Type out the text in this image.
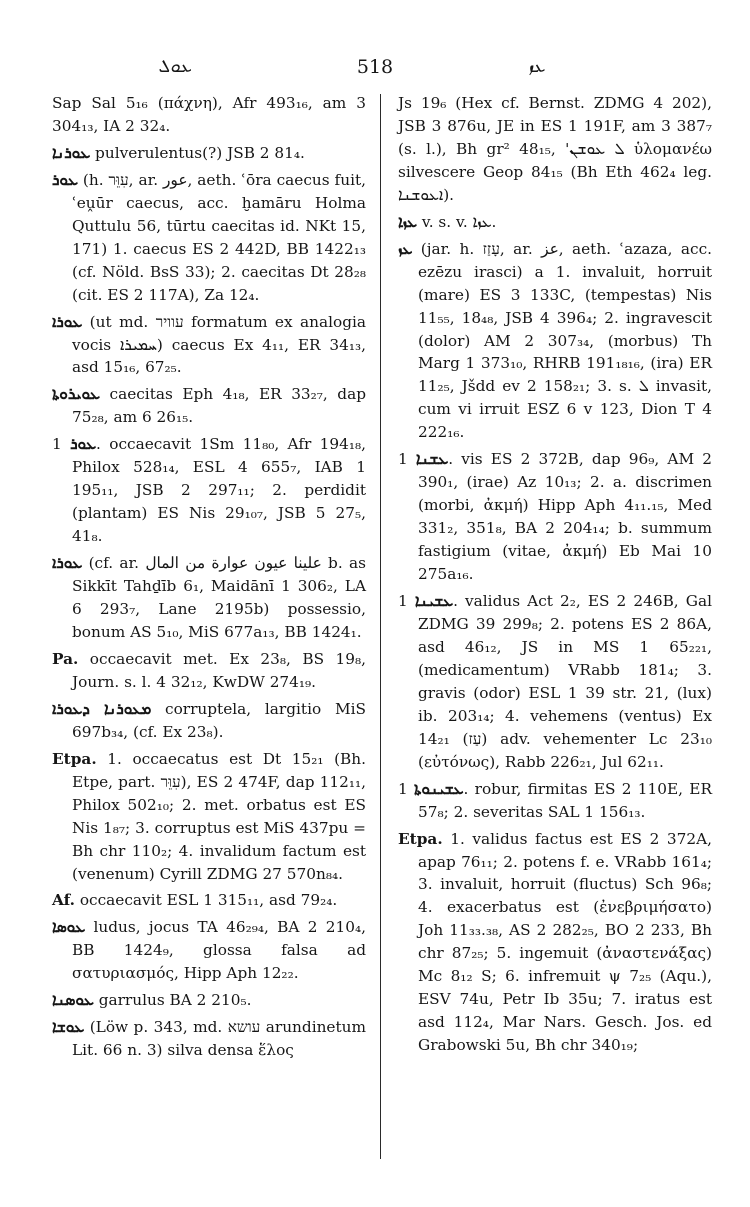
ܥܘܠ	518	ܥܙ

Sap Sal 5₁₆ (πάχνη), Afr 493₁₆, am 3 304₁₃, IA 2 32₄.

ܥܘܪܢܐ pulverulentus(?) JSB 2 81₄.

ܥܘܪ (h. עִוֵּר, ar. عور, aeth. ʿōra caecus fuit, ʿeṷūr caecus, acc. ḫamāru Holma Quttulu 56, tūrtu caecitas id. NKt 15, 171) 1. caecus ES 2 442D, BB 1422₁₃ (cf. Nöld. BsS 33); 2. caecitas Dt 28₂₈ (cit. ES 2 117A), Za 12₄.

ܥܘܪܐ (ut md. עוויר formatum ex analogia vocis ܚܡܝܪܐ) caecus Ex 4₁₁, ER 34₁₃, asd 15₁₆, 67₂₅.

ܥܘܝܪܘܬܐ caecitas Eph 4₁₈, ER 33₂₇, dap 75₂₈, am 6 26₁₅.

ܥܘܪ 1. occaecavit 1Sm 11₈₀, Afr 194₁₈, Philox 528₁₄, ESL 4 655₇, IAB 1 195₁₁, JSB 2 297₁₁; 2. perdidit (plantam) ES Nis 29₁₀₇, JSB 5 27₅, 41₈.

ܥܘܪܐ (cf. ar. علينا عيون عوارة من المال b. as Sikkīt Tahḏīb 6₁, Maidānī 1 306₂, LA 6 293₇, Lane 2195b) possessio, bonum AS 5₁₀, MiS 677a₁₃, BB 1424₁.

Pa. occaecavit met. Ex 23₈, BS 19₈, Journ. s. l. 4 32₁₂, KwDW 274₁₉.

ܡܥܘܪܢܐ ܕܥܘܪܐ corruptela, largitio MiS 697b₃₄, (cf. Ex 23₈).

Etpa. 1. occaecatus est Dt 15₂₁ (Bh. Etpe, part. עִוֵּר), ES 2 474F, dap 112₁₁, Philox 502₁₀; 2. met. orbatus est ES Nis 1₈₇; 3. corruptus est MiS 437pu = Bh chr 110₂; 4. invalidum factum est (venenum) Cyrill ZDMG 27 570n₈₄.

Af. occaecavit ESL 1 315₁₁, asd 79₂₄.

ܥܘܣܐ ludus, jocus TA 46₂₉₄, BA 2 210₄, BB 1424₉, glossa falsa ad σατυριασμός, Hipp Aph 12₂₂.

ܥܘܣܢܐ garrulus BA 2 210₅.

ܥܘܫܐ (Löw p. 343, md. עושא arundinetum Lit. 66 n. 3) silva densa ἕλος

Js 19₆ (Hex cf. Bernst. ZDMG 4 202), JSB 3 876u, JE in ES 1 191F, am 3 387₇ (s. l.), Bh gr² 48₁₅, 'ܠ ܥܘܫܢ ὑλομανέω silvescere Geop 84₁₅ (Bh Eth 462₄ leg. ܐܥܘܫܢܐ).

ܥܙܐ v. s. v. ܥܙܐ.

ܥܙ (jar. h. עָזַז, ar. عز, aeth. ʿazaza, acc. ezēzu irasci) a 1. invaluit, horruit (mare) ES 3 133C, (tempestas) Nis 11₅₅, 18₄₈, JSB 4 396₄; 2. ingravescit (dolor) AM 2 307₃₄, (morbus) Th Marg 1 373₁₀, RHRB 191₁₈₁₆, (ira) ER 11₂₅, Jšdd ev 2 158₂₁; 3. s. ܠ invasit, cum vi irruit ESZ 6 v 123, Dion T 4 222₁₆.

ܥܫܢܐ 1. vis ES 2 372B, dap 96₉, AM 2 390₁, (irae) Az 10₁₃; 2. a. discrimen (morbi, ἀκμή) Hipp Aph 4₁₁.₁₅, Med 331₂, 351₈, BA 2 204₁₄; b. summum fastigium (vitae, ἀκμή) Eb Mai 10 275a₁₆.

ܥܫܝܢܐ 1. validus Act 2₂, ES 2 246B, Gal ZDMG 39 299₈; 2. potens ES 2 86A, asd 46₁₂, JS in MS 1 65₂₂₁, (medicamentum) VRabb 181₄; 3. gravis (odor) ESL 1 39 str. 21, (lux) ib. 203₁₄; 4. vehemens (ventus) Ex 14₂₁ (עַז) adv. vehementer Lc 23₁₀ (εὐτόνως), Rabb 226₂₁, Jul 62₁₁.

ܥܫܝܢܘܬܐ 1. robur, firmitas ES 2 110E, ER 57₈; 2. severitas SAL 1 156₁₃.

Etpa. 1. validus factus est ES 2 372A, apap 76₁₁; 2. potens f. e. VRabb 161₄; 3. invaluit, horruit (fluctus) Sch 96₈; 4. exacerbatus est (ἐνεβριμήσατο) Joh 11₃₃.₃₈, AS 2 282₂₅, BO 2 233, Bh chr 87₂₅; 5. ingemuit (ἀναστενάξας) Mc 8₁₂ S; 6. infremuit ψ 7₂₅ (Aqu.), ESV 74u, Petr Ib 35u; 7. iratus est asd 112₄, Mar Nars. Gesch. Jos. ed Grabowski 5u, Bh chr 340₁₉;
